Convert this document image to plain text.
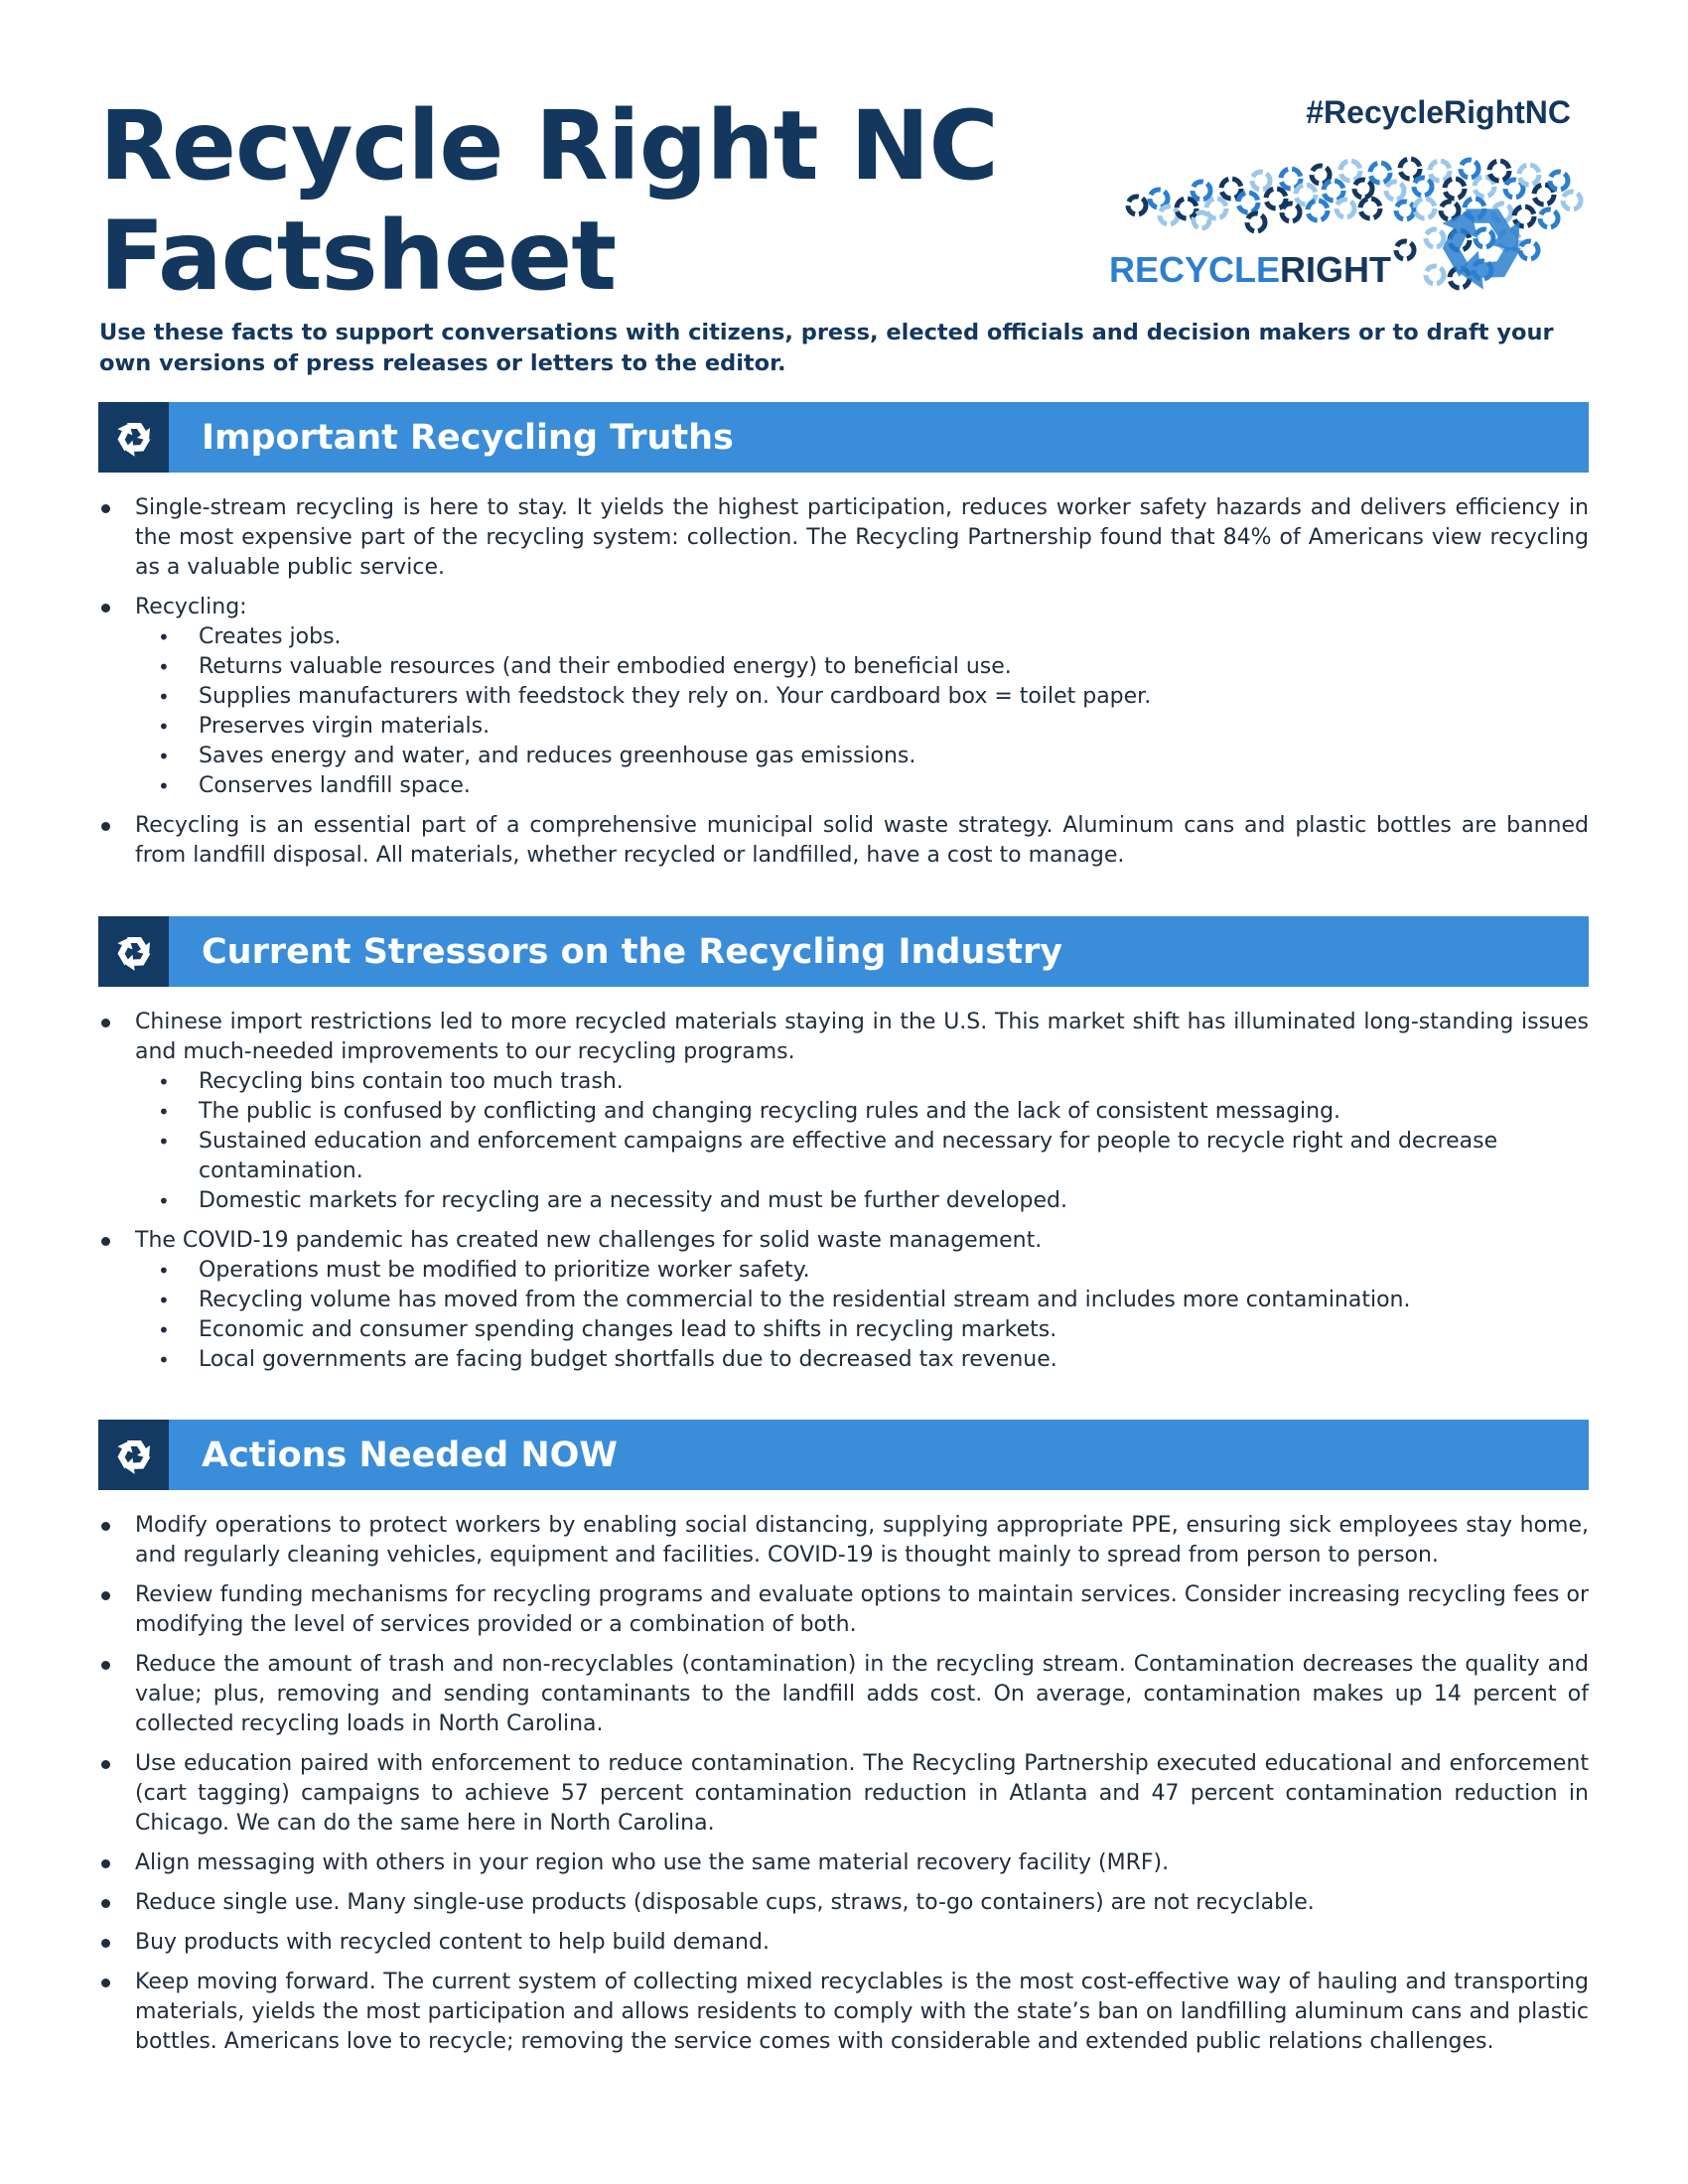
Recycle Right NC
Factsheet
#RecycleRightNC
RECYCLERIGHT

Use these facts to support conversations with citizens, press, elected officials and decision makers or to draft your own versions of press releases or letters to the editor.

Important Recycling Truths
Single-stream recycling is here to stay. It yields the highest participation, reduces worker safety hazards and delivers efficiency in the most expensive part of the recycling system: collection. The Recycling Partnership found that 84% of Americans view recycling as a valuable public service.
Recycling:
• Creates jobs.
• Returns valuable resources (and their embodied energy) to beneficial use.
• Supplies manufacturers with feedstock they rely on. Your cardboard box = toilet paper.
• Preserves virgin materials.
• Saves energy and water, and reduces greenhouse gas emissions.
• Conserves landfill space.
Recycling is an essential part of a comprehensive municipal solid waste strategy. Aluminum cans and plastic bottles are banned from landfill disposal. All materials, whether recycled or landfilled, have a cost to manage.
Current Stressors on the Recycling Industry
Chinese import restrictions led to more recycled materials staying in the U.S. This market shift has illuminated long-standing issues and much-needed improvements to our recycling programs.
• Recycling bins contain too much trash.
• The public is confused by conflicting and changing recycling rules and the lack of consistent messaging.
• Sustained education and enforcement campaigns are effective and necessary for people to recycle right and decrease contamination.
• Domestic markets for recycling are a necessity and must be further developed.
The COVID-19 pandemic has created new challenges for solid waste management.
• Operations must be modified to prioritize worker safety.
• Recycling volume has moved from the commercial to the residential stream and includes more contamination.
• Economic and consumer spending changes lead to shifts in recycling markets.
• Local governments are facing budget shortfalls due to decreased tax revenue.
Actions Needed NOW
Modify operations to protect workers by enabling social distancing, supplying appropriate PPE, ensuring sick employees stay home, and regularly cleaning vehicles, equipment and facilities. COVID-19 is thought mainly to spread from person to person.
Review funding mechanisms for recycling programs and evaluate options to maintain services. Consider increasing recycling fees or modifying the level of services provided or a combination of both.
Reduce the amount of trash and non-recyclables (contamination) in the recycling stream. Contamination decreases the quality and value; plus, removing and sending contaminants to the landfill adds cost. On average, contamination makes up 14 percent of collected recycling loads in North Carolina.
Use education paired with enforcement to reduce contamination. The Recycling Partnership executed educational and enforcement (cart tagging) campaigns to achieve 57 percent contamination reduction in Atlanta and 47 percent contamination reduction in Chicago. We can do the same here in North Carolina.
Align messaging with others in your region who use the same material recovery facility (MRF).
Reduce single use. Many single-use products (disposable cups, straws, to-go containers) are not recyclable.
Buy products with recycled content to help build demand.
Keep moving forward. The current system of collecting mixed recyclables is the most cost-effective way of hauling and transporting materials, yields the most participation and allows residents to comply with the state’s ban on landfilling aluminum cans and plastic bottles. Americans love to recycle; removing the service comes with considerable and extended public relations challenges.
